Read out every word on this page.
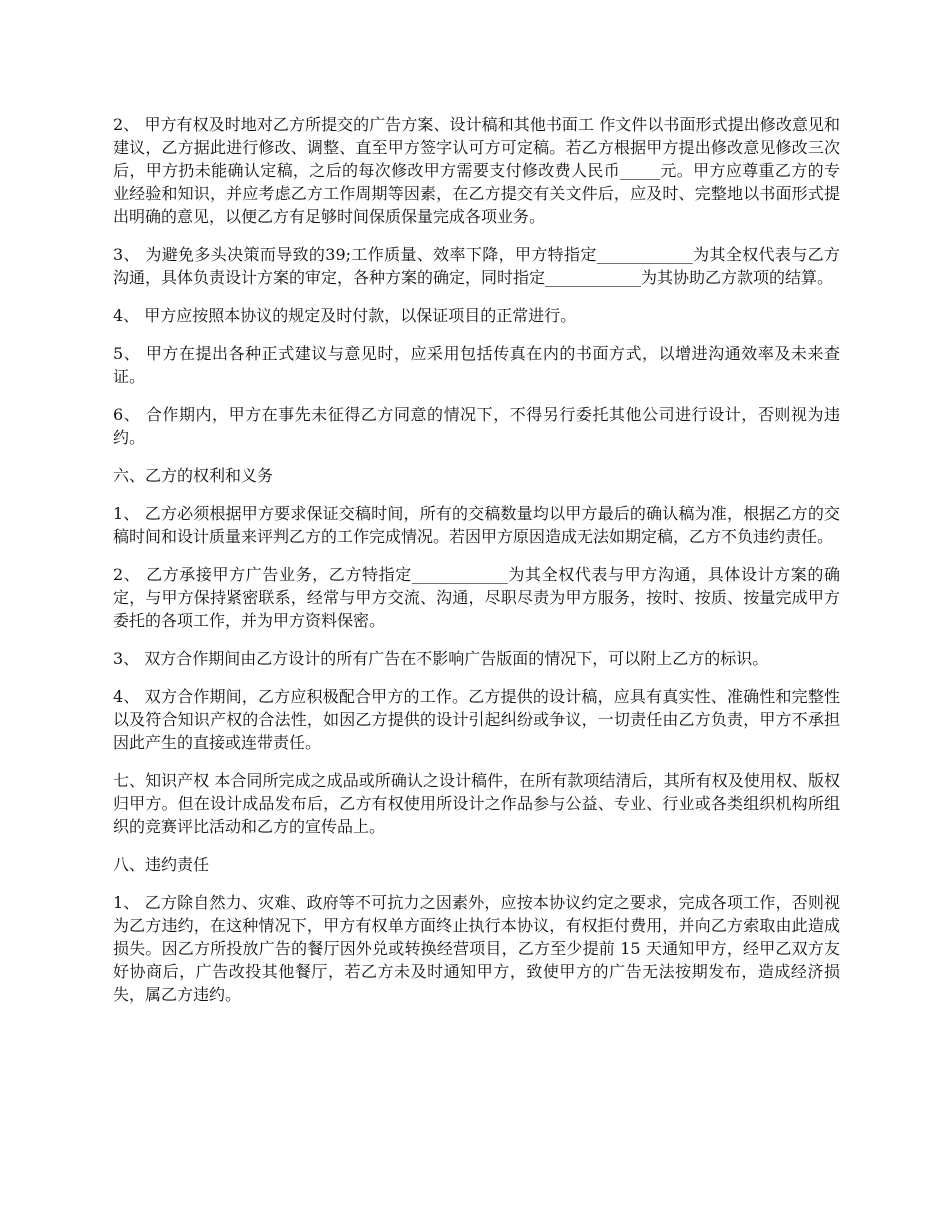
2、 甲方有权及时地对乙方所提交的广告方案、设计稿和其他书面工 作文件以书面形式提出修改意见和建议，乙方据此进行修改、调整、直至甲方签字认可方可定稿。若乙方根据甲方提出修改意见修改三次后，甲方扔未能确认定稿，之后的每次修改甲方需要支付修改费人民币_____元。甲方应尊重乙方的专业经验和知识，并应考虑乙方工作周期等因素，在乙方提交有关文件后，应及时、完整地以书面形式提出明确的意见，以便乙方有足够时间保质保量完成各项业务。

3、 为避免多头决策而导致的39;工作质量、效率下降，甲方特指定____________为其全权代表与乙方沟通，具体负责设计方案的审定，各种方案的确定，同时指定____________为其协助乙方款项的结算。

4、 甲方应按照本协议的规定及时付款，以保证项目的正常进行。

5、 甲方在提出各种正式建议与意见时，应采用包括传真在内的书面方式，以增进沟通效率及未来查证。

6、 合作期内，甲方在事先未征得乙方同意的情况下，不得另行委托其他公司进行设计，否则视为违约。

六、乙方的权利和义务

1、 乙方必须根据甲方要求保证交稿时间，所有的交稿数量均以甲方最后的确认稿为准，根据乙方的交稿时间和设计质量来评判乙方的工作完成情况。若因甲方原因造成无法如期定稿，乙方不负违约责任。

2、 乙方承接甲方广告业务，乙方特指定____________为其全权代表与甲方沟通，具体设计方案的确定，与甲方保持紧密联系，经常与甲方交流、沟通，尽职尽责为甲方服务，按时、按质、按量完成甲方委托的各项工作，并为甲方资料保密。

3、 双方合作期间由乙方设计的所有广告在不影响广告版面的情况下，可以附上乙方的标识。

4、 双方合作期间，乙方应积极配合甲方的工作。乙方提供的设计稿，应具有真实性、准确性和完整性以及符合知识产权的合法性，如因乙方提供的设计引起纠纷或争议，一切责任由乙方负责，甲方不承担因此产生的直接或连带责任。

七、知识产权 本合同所完成之成品或所确认之设计稿件，在所有款项结清后，其所有权及使用权、版权归甲方。但在设计成品发布后，乙方有权使用所设计之作品参与公益、专业、行业或各类组织机构所组织的竞赛评比活动和乙方的宣传品上。

八、违约责任

1、 乙方除自然力、灾难、政府等不可抗力之因素外，应按本协议约定之要求，完成各项工作，否则视为乙方违约，在这种情况下，甲方有权单方面终止执行本协议，有权拒付费用，并向乙方索取由此造成损失。因乙方所投放广告的餐厅因外兑或转换经营项目，乙方至少提前 15 天通知甲方，经甲乙双方友好协商后，广告改投其他餐厅，若乙方未及时通知甲方，致使甲方的广告无法按期发布，造成经济损失，属乙方违约。
